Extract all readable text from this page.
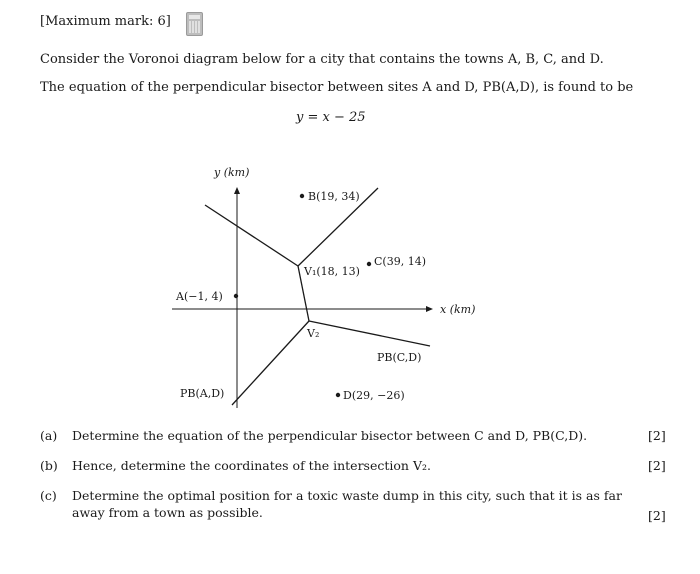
[Maximum mark: 6]
Consider the Voronoi diagram below for a city that contains the towns A, B, C, and D.
The equation of the perpendicular bisector between sites A and D, PB(A,D), is found to be
y = x − 25
y (km)
x (km)
A(−1, 4)
B(19, 34)
C(39, 14)
D(29, −26)
V₁(18, 13)
V₂
PB(A,D)
PB(C,D)
(a) Determine the equation of the perpendicular bisector between C and D, PB(C,D).	[2]
(b) Hence, determine the coordinates of the intersection V₂.	[2]
(c) Determine the optimal position for a toxic waste dump in this city, such that it is as far
away from a town as possible.	[2]
